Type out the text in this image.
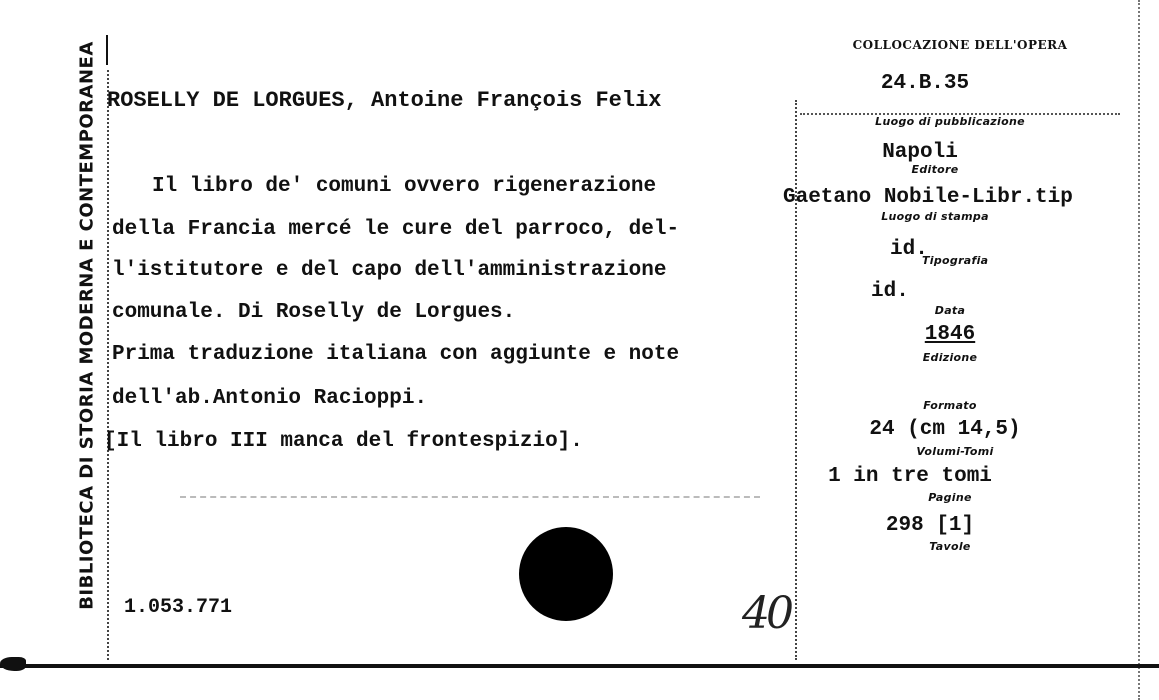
BIBLIOTECA DI STORIA MODERNA E CONTEMPORANEA ROSELLY DE LORGUES, Antoine François Felix
Il libro de' comuni ovvero rigenerazione
della Francia mercé le cure del parroco, del-
l'istitutore e del capo dell'amministrazione
comunale. Di Roselly de Lorgues.
Prima traduzione italiana con aggiunte e note
dell'ab.Antonio Racioppi.
[Il libro III manca del frontespizio].
1.053.771	40
COLLOCAZIONE DELL'OPERA
24.B.35
Luogo di pubblicazione
Napoli
Editore
Gaetano Nobile-Libr.tip
Luogo di stampa
id.
Tipografia
id.
Data
1846
Edizione
Formato
24 (cm 14,5)
Volumi-Tomi
1 in tre tomi
Pagine
298 [1]
Tavole
